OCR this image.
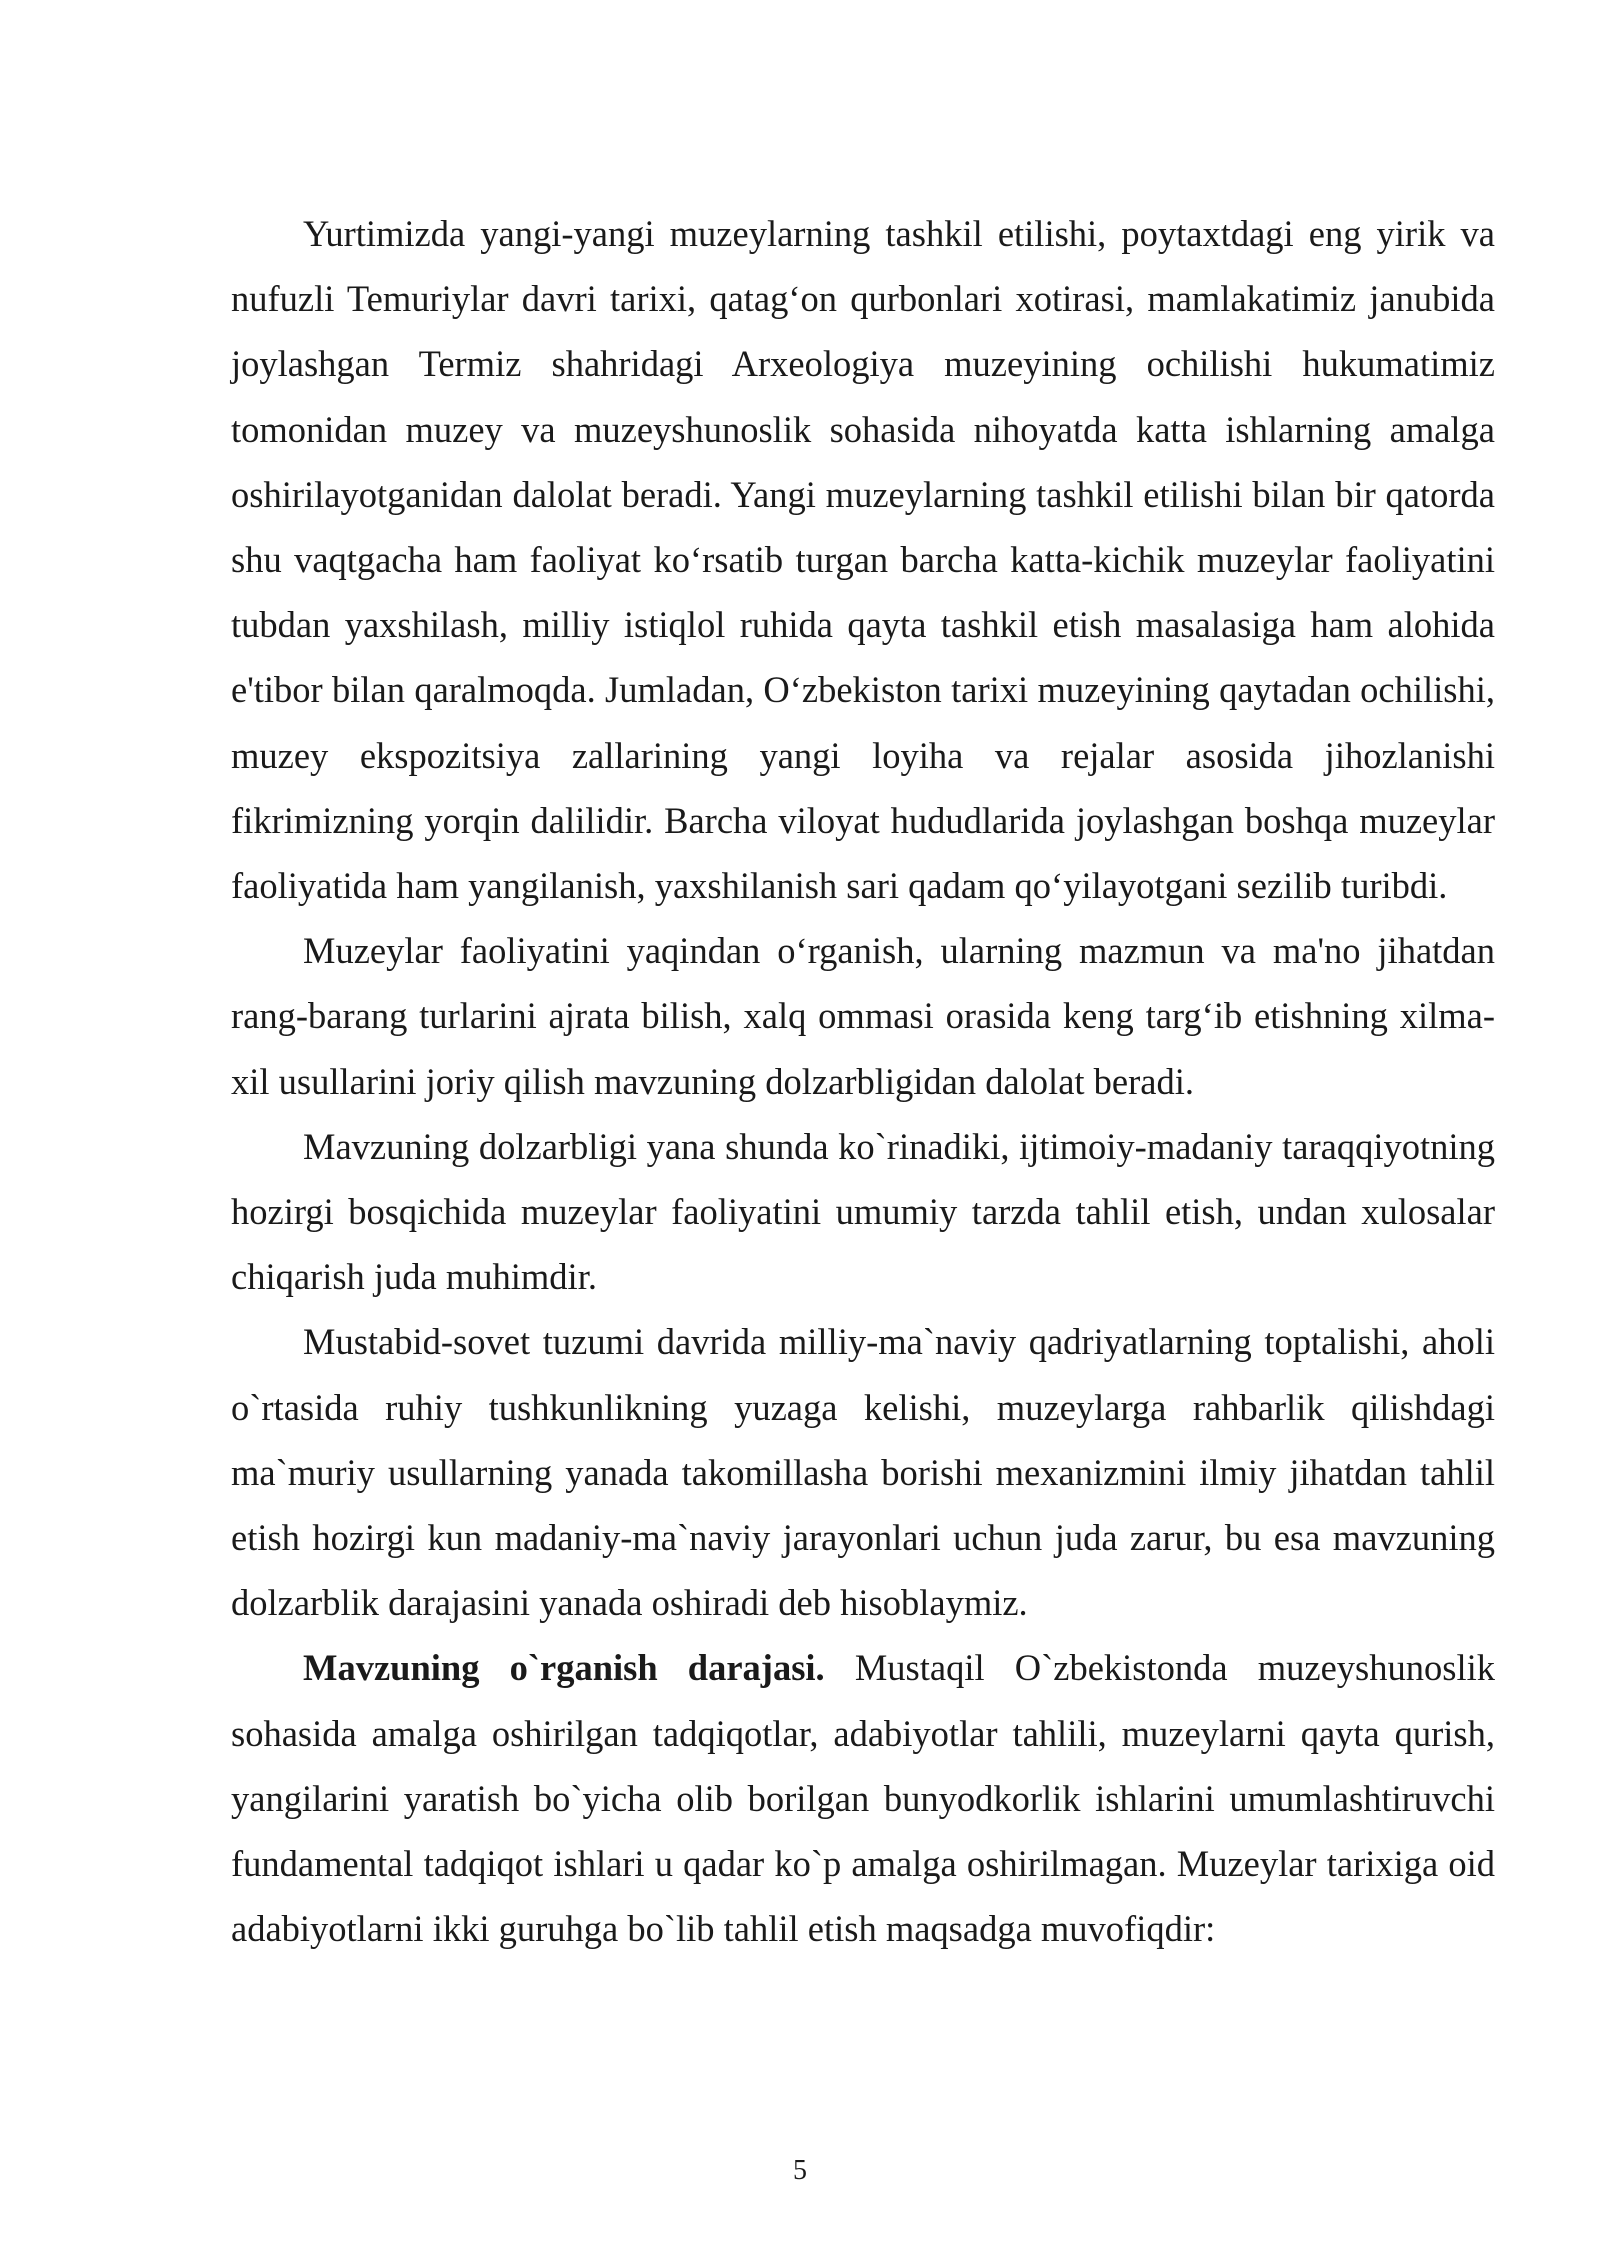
Yurtimizda yangi-yangi muzeylarning tashkil etilishi, poytaxtdagi eng yirik va nufuzli Temuriylar davri tarixi, qatag‘on qurbonlari xotirasi, mamlakatimiz janubida joylashgan Termiz shahridagi Arxeologiya muzeyining ochilishi hukumatimiz tomonidan muzey va muzeyshunoslik sohasida nihoyatda katta ishlarning amalga oshirilayotganidan dalolat beradi. Yangi muzeylarning tashkil etilishi bilan bir qatorda shu vaqtgacha ham faoliyat ko‘rsatib turgan barcha katta-kichik muzeylar faoliyatini tubdan yaxshilash, milliy istiqlol ruhida qayta tashkil etish masalasiga ham alohida e'tibor bilan qaralmoqda. Jumladan, O‘zbekiston tarixi muzeyining qaytadan ochilishi, muzey ekspozitsiya zallarining yangi loyiha va rejalar asosida jihozlanishi fikrimizning yorqin dalilidir. Barcha viloyat hududlarida joylashgan boshqa muzeylar faoliyatida ham yangilanish, yaxshilanish sari qadam qo‘yilayotgani sezilib turibdi.

Muzeylar faoliyatini yaqindan o‘rganish, ularning mazmun va ma'no jihatdan rang-barang turlarini ajrata bilish, xalq ommasi orasida keng targ‘ib etishning xilma-xil usullarini joriy qilish mavzuning dolzarbligidan dalolat beradi.

Mavzuning dolzarbligi yana shunda ko`rinadiki, ijtimoiy-madaniy taraqqiyotning hozirgi bosqichida muzeylar faoliyatini umumiy tarzda tahlil etish, undan xulosalar chiqarish juda muhimdir.

Mustabid-sovet tuzumi davrida milliy-ma`naviy qadriyatlarning toptalishi, aholi o`rtasida ruhiy tushkunlikning yuzaga kelishi, muzeylarga rahbarlik qilishdagi ma`muriy usullarning yanada takomillasha borishi mexanizmini ilmiy jihatdan tahlil etish hozirgi kun madaniy-ma`naviy jarayonlari uchun juda zarur, bu esa mavzuning dolzarblik darajasini yanada oshiradi deb hisoblaymiz.

Mavzuning o`rganish darajasi. Mustaqil O`zbekistonda muzeyshunoslik sohasida amalga oshirilgan tadqiqotlar, adabiyotlar tahlili, muzeylarni qayta qurish, yangilarini yaratish bo`yicha olib borilgan bunyodkorlik ishlarini umumlashtiruvchi fundamental tadqiqot ishlari u qadar ko`p amalga oshirilmagan. Muzeylar tarixiga oid adabiyotlarni ikki guruhga bo`lib tahlil etish maqsadga muvofiqdir:

5
